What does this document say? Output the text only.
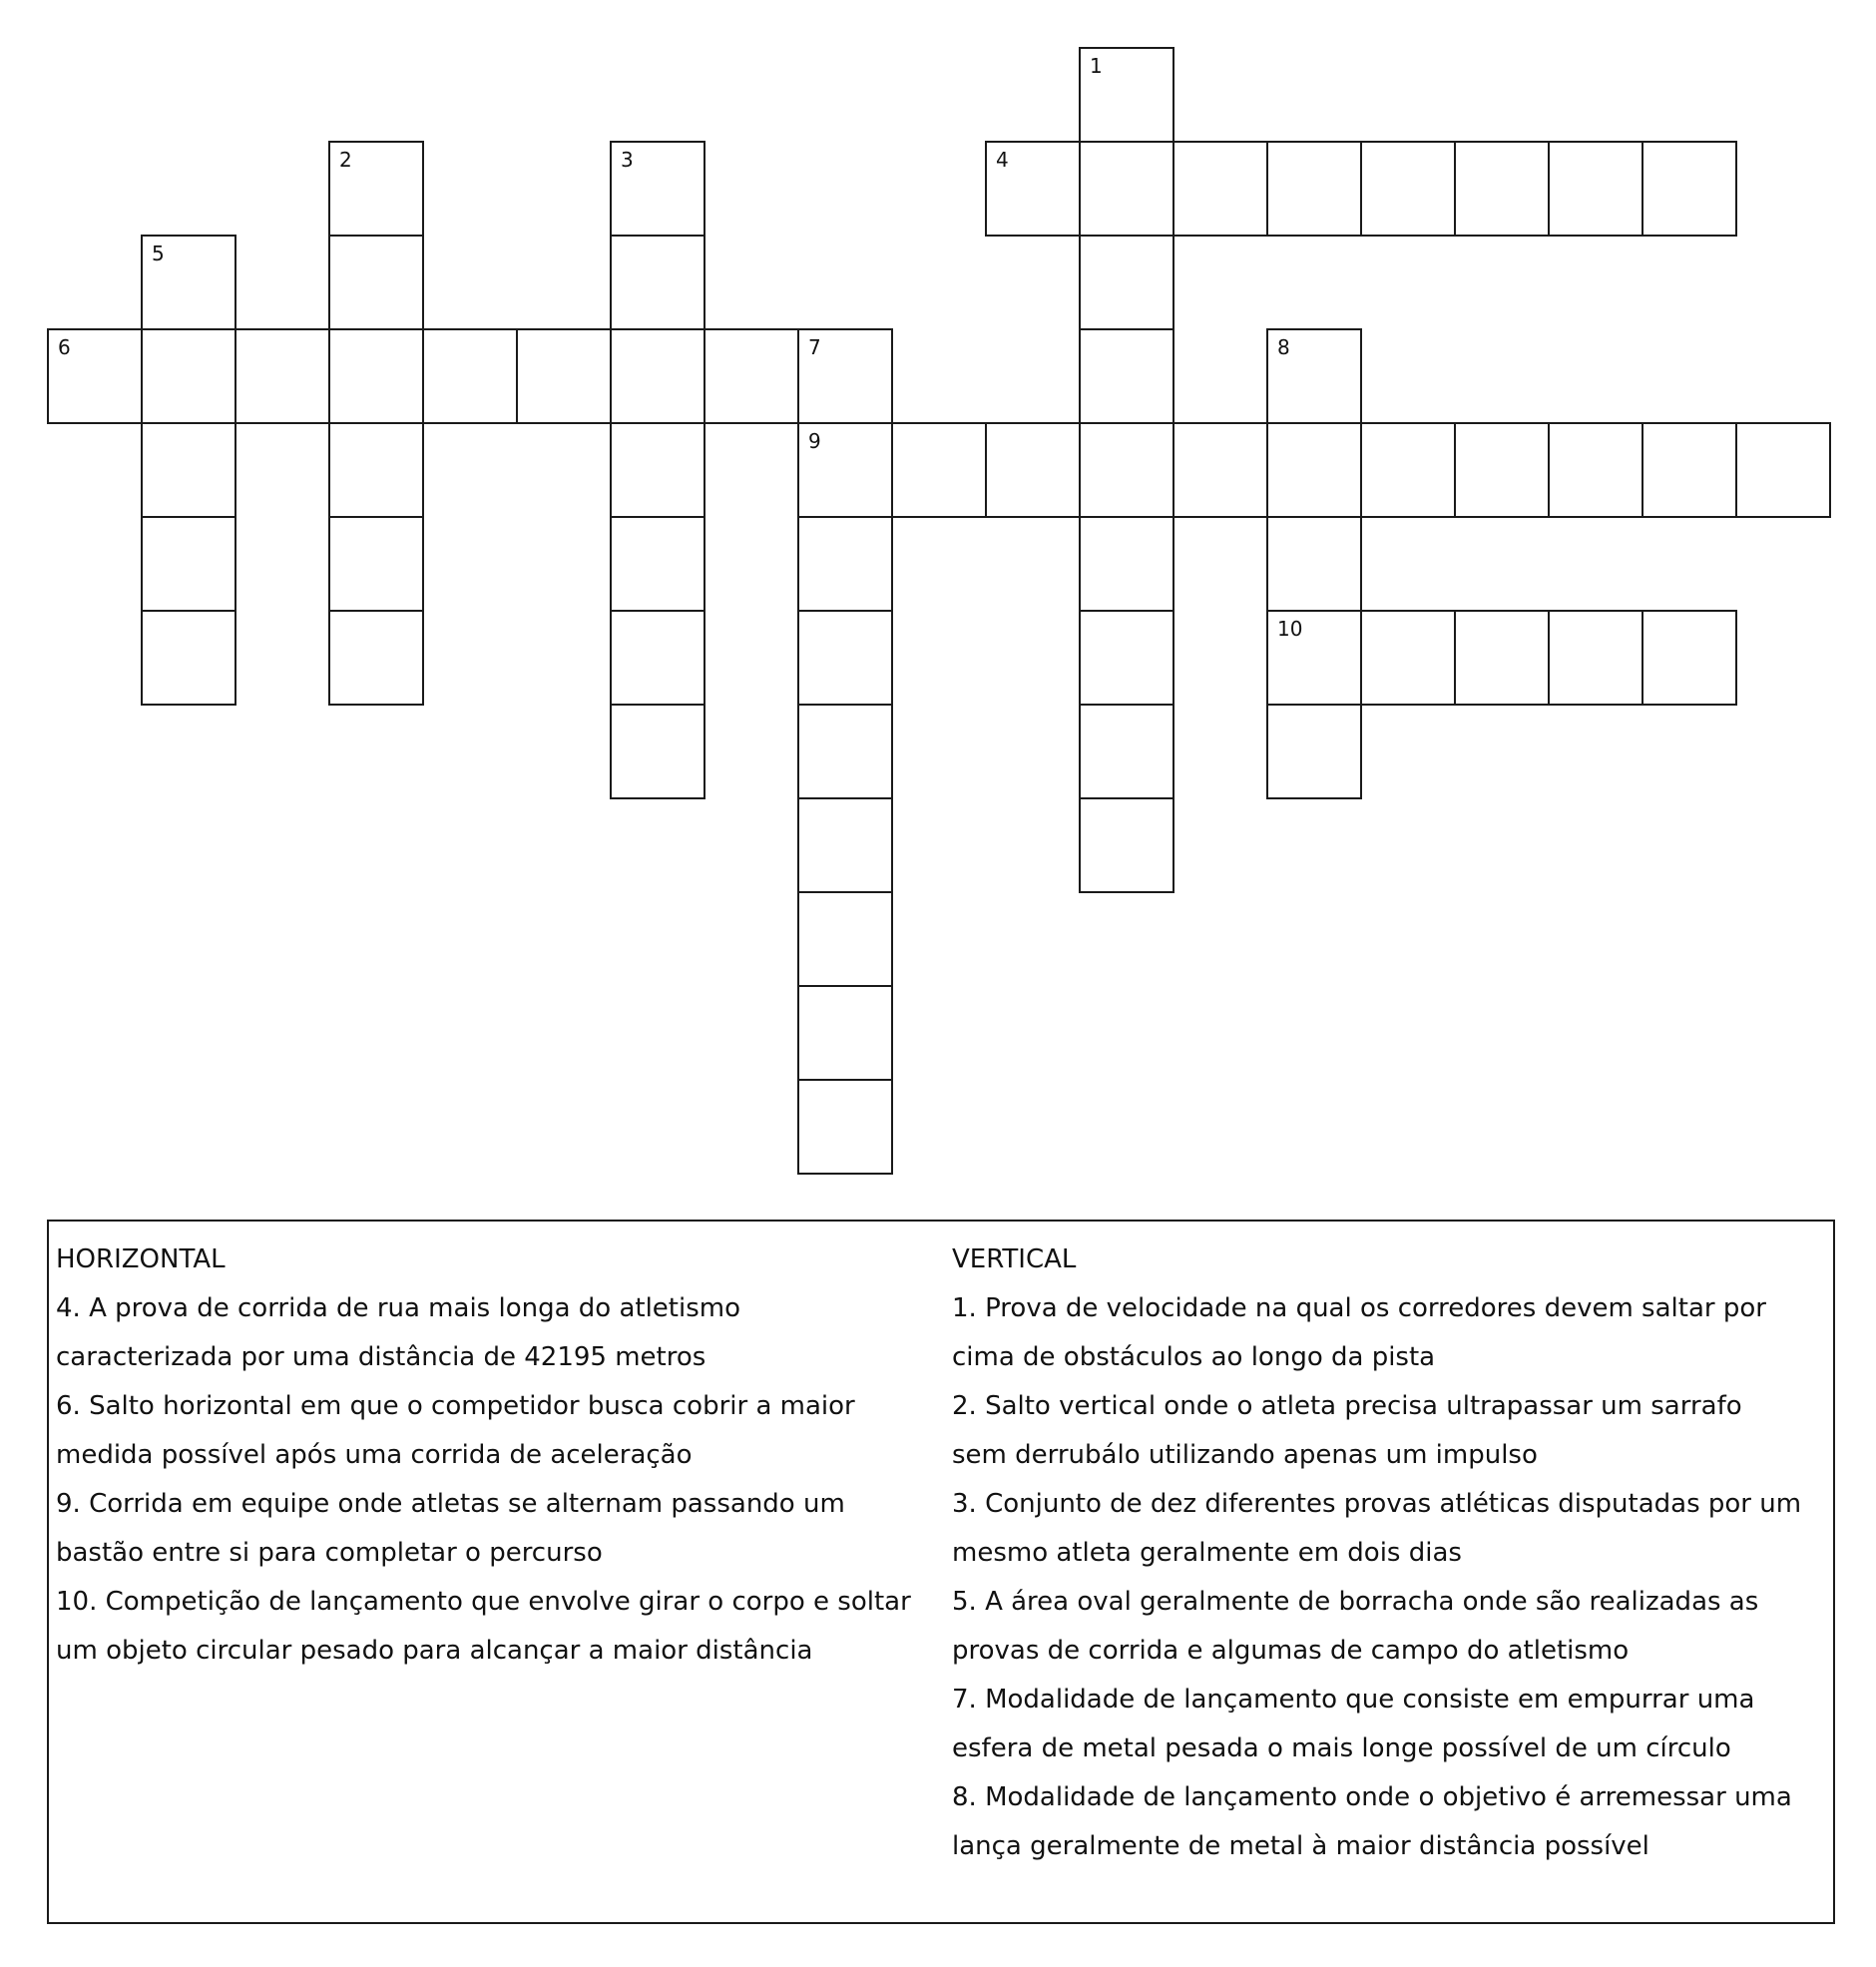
1
2	3	4
5
6	7	8
9
10
HORIZONTAL
4. A prova de corrida de rua mais longa do atletismo
caracterizada por uma distância de 42195 metros
6. Salto horizontal em que o competidor busca cobrir a maior
medida possível após uma corrida de aceleração
9. Corrida em equipe onde atletas se alternam passando um
bastão entre si para completar o percurso
10. Competição de lançamento que envolve girar o corpo e soltar
um objeto circular pesado para alcançar a maior distância
VERTICAL
1. Prova de velocidade na qual os corredores devem saltar por
cima de obstáculos ao longo da pista
2. Salto vertical onde o atleta precisa ultrapassar um sarrafo
sem derrubálo utilizando apenas um impulso
3. Conjunto de dez diferentes provas atléticas disputadas por um
mesmo atleta geralmente em dois dias
5. A área oval geralmente de borracha onde são realizadas as
provas de corrida e algumas de campo do atletismo
7. Modalidade de lançamento que consiste em empurrar uma
esfera de metal pesada o mais longe possível de um círculo
8. Modalidade de lançamento onde o objetivo é arremessar uma
lança geralmente de metal à maior distância possível
